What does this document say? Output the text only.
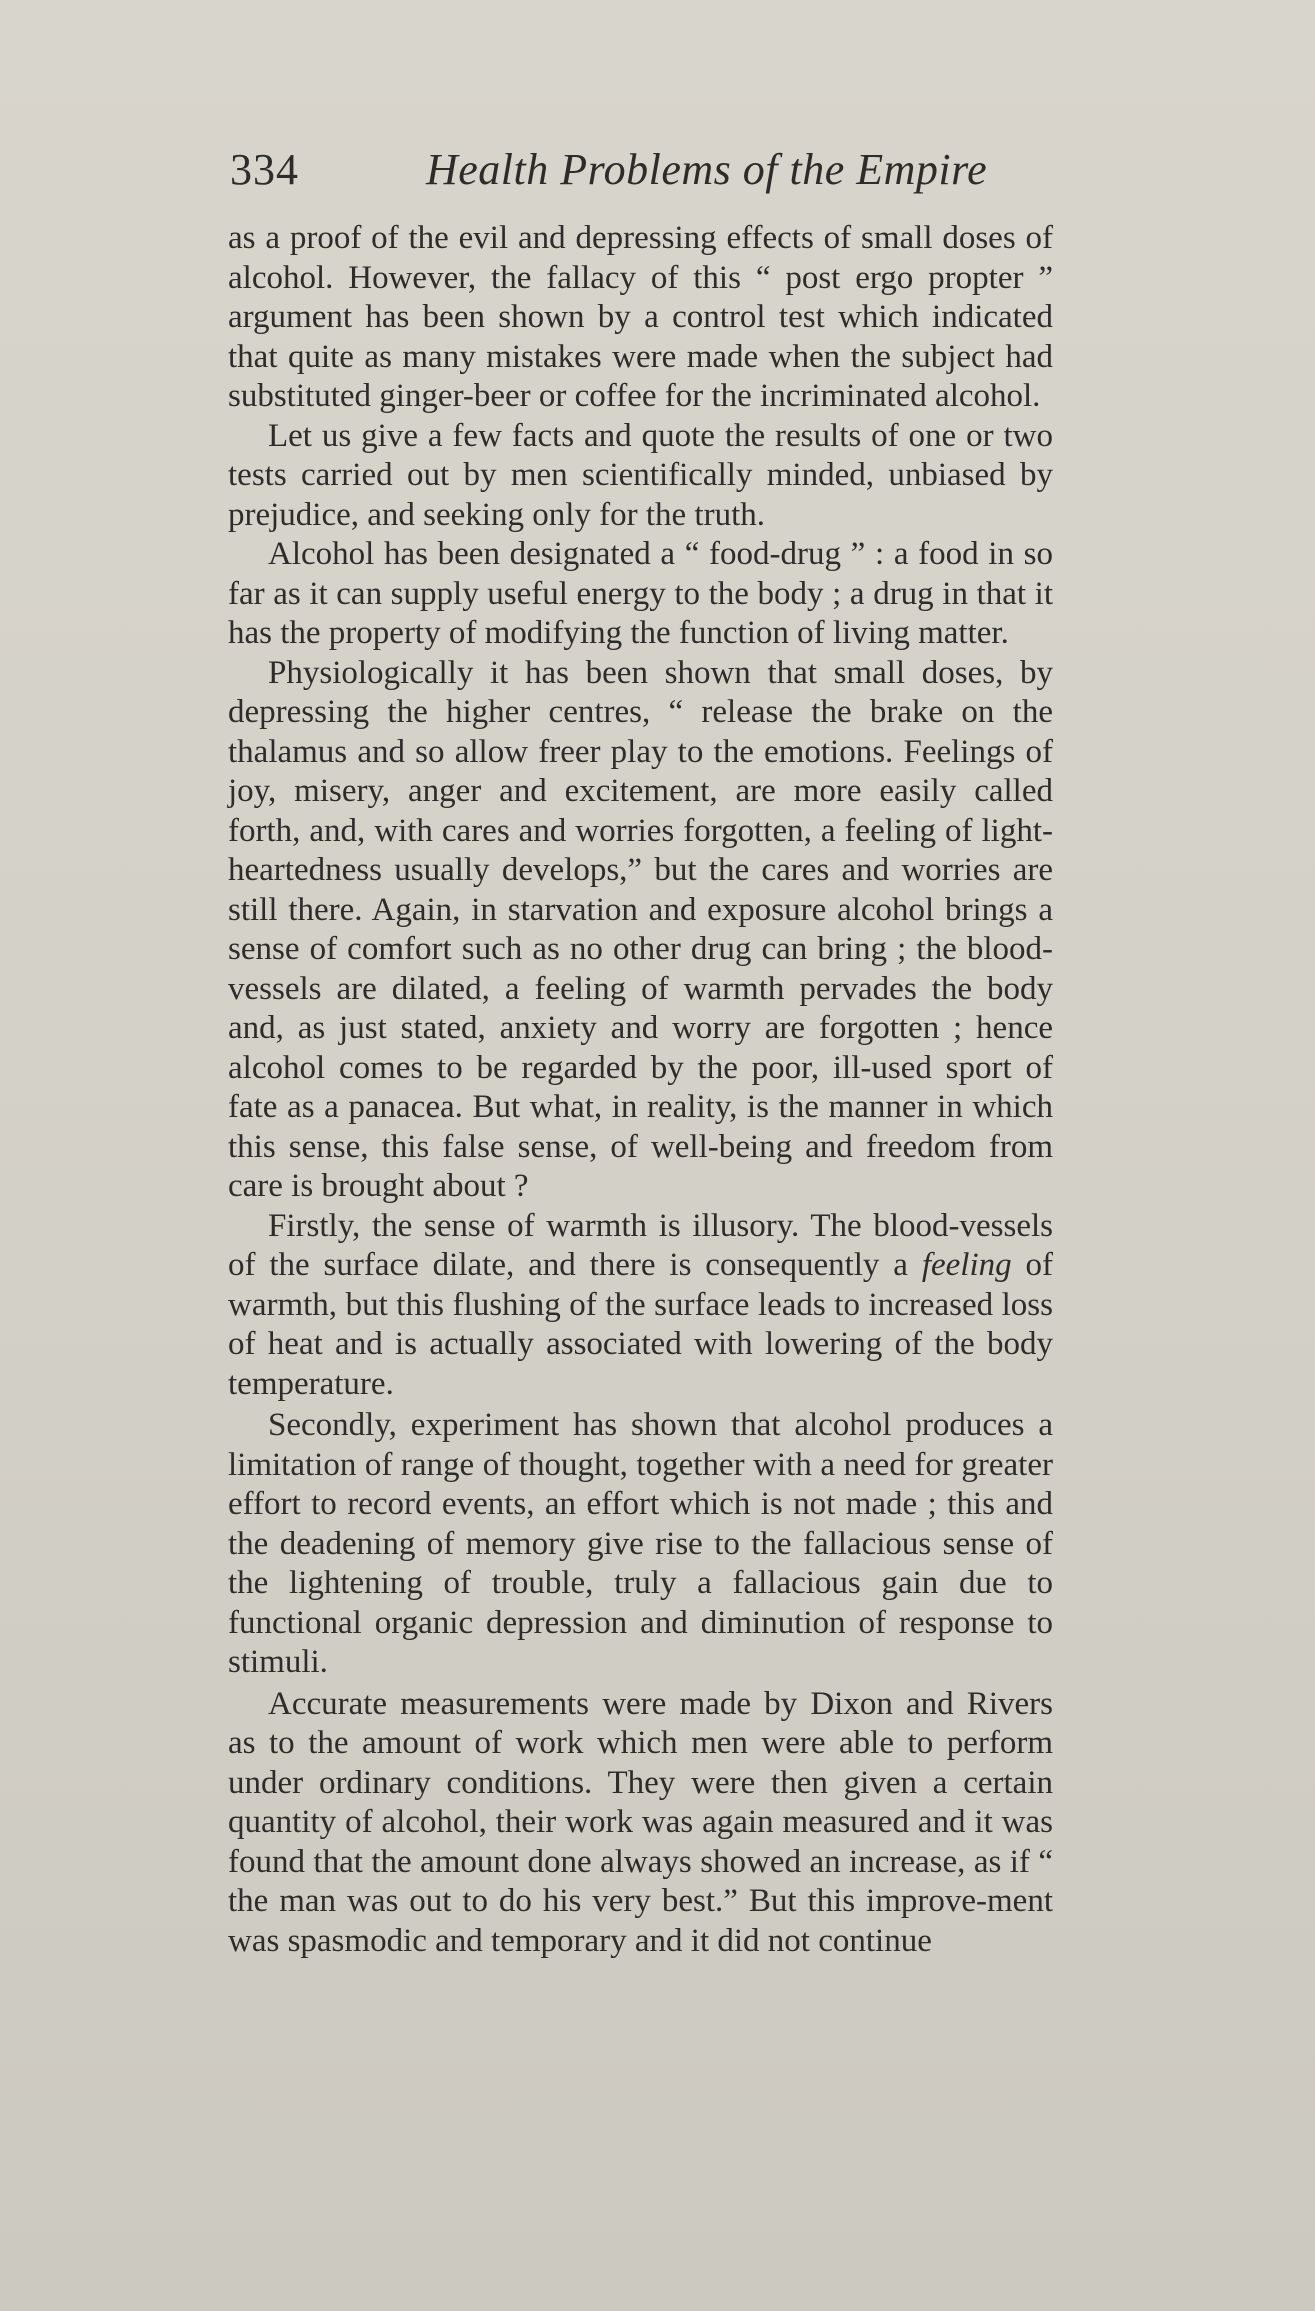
334	Health Problems of the Empire

as a proof of the evil and depressing effects of small doses of alcohol. However, the fallacy of this “ post ergo propter ” argument has been shown by a control test which indicated that quite as many mistakes were made when the subject had substituted ginger-beer or coffee for the incriminated alcohol.

Let us give a few facts and quote the results of one or two tests carried out by men scientifically minded, unbiased by prejudice, and seeking only for the truth.

Alcohol has been designated a “ food-drug ” : a food in so far as it can supply useful energy to the body ; a drug in that it has the property of modifying the function of living matter.

Physiologically it has been shown that small doses, by depressing the higher centres, “ release the brake on the thalamus and so allow freer play to the emotions. Feelings of joy, misery, anger and excitement, are more easily called forth, and, with cares and worries forgotten, a feeling of light-heartedness usually develops,” but the cares and worries are still there. Again, in starvation and exposure alcohol brings a sense of comfort such as no other drug can bring ; the blood-vessels are dilated, a feeling of warmth pervades the body and, as just stated, anxiety and worry are forgotten ; hence alcohol comes to be regarded by the poor, ill-used sport of fate as a panacea. But what, in reality, is the manner in which this sense, this false sense, of well-being and freedom from care is brought about ?

Firstly, the sense of warmth is illusory. The blood-vessels of the surface dilate, and there is consequently a feeling of warmth, but this flushing of the surface leads to increased loss of heat and is actually associated with lowering of the body temperature.

Secondly, experiment has shown that alcohol produces a limitation of range of thought, together with a need for greater effort to record events, an effort which is not made ; this and the deadening of memory give rise to the fallacious sense of the lightening of trouble, truly a fallacious gain due to functional organic depression and diminution of response to stimuli.

Accurate measurements were made by Dixon and Rivers as to the amount of work which men were able to perform under ordinary conditions. They were then given a certain quantity of alcohol, their work was again measured and it was found that the amount done always showed an increase, as if “ the man was out to do his very best.” But this improve-ment was spasmodic and temporary and it did not continue
